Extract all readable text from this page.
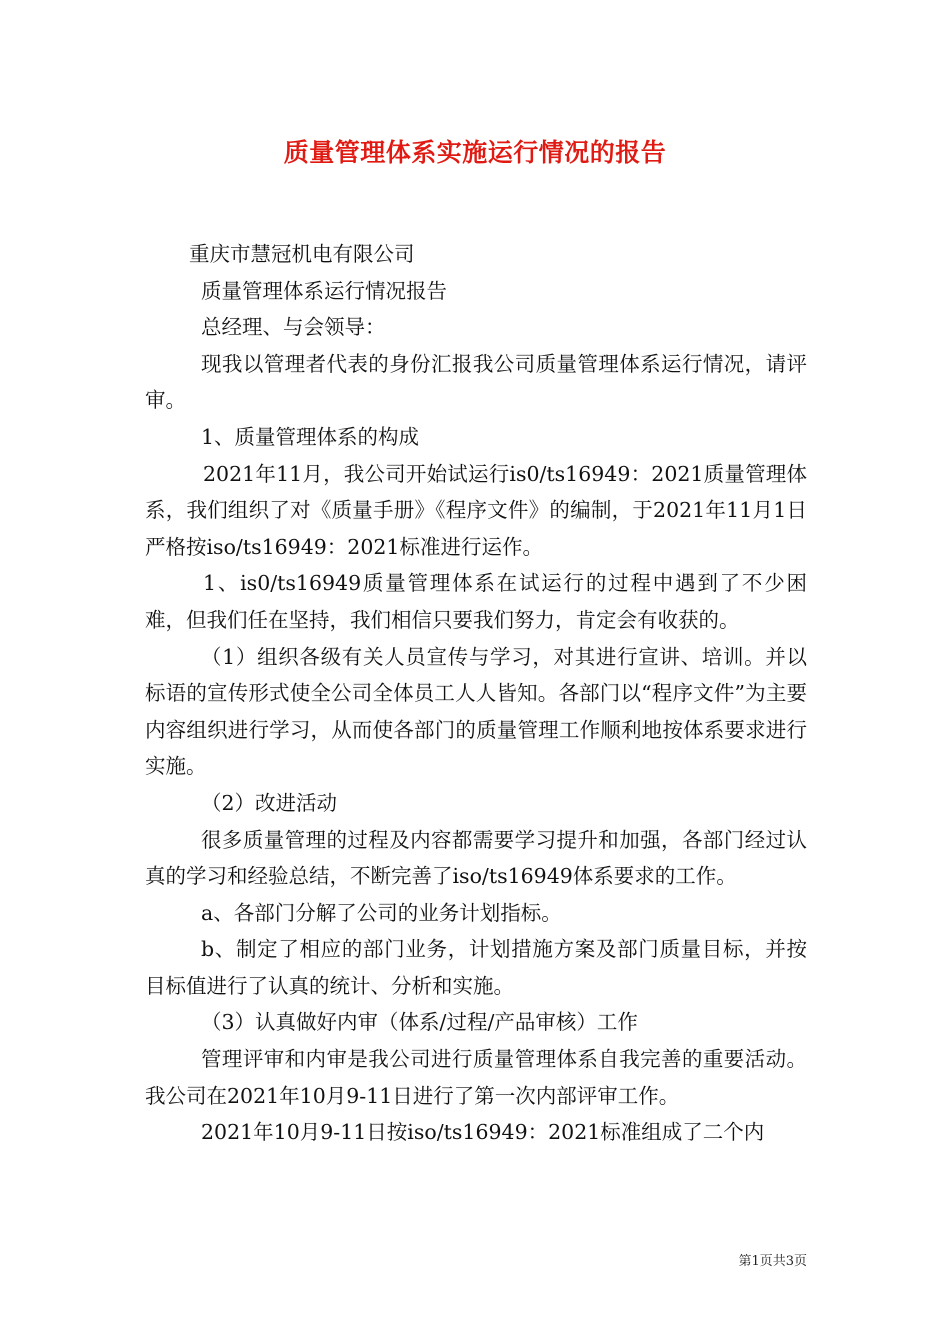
质量管理体系实施运行情况的报告

重庆市慧冠机电有限公司

质量管理体系运行情况报告

总经理、与会领导：

现我以管理者代表的身份汇报我公司质量管理体系运行情况，请评审。

1、质量管理体系的构成

2021年11月，我公司开始试运行is0/ts16949：2021质量管理体系，我们组织了对《质量手册》《程序文件》的编制，于2021年11月1日严格按iso/ts16949：2021标准进行运作。

1、is0/ts16949质量管理体系在试运行的过程中遇到了不少困难，但我们任在坚持，我们相信只要我们努力，肯定会有收获的。

（1）组织各级有关人员宣传与学习，对其进行宣讲、培训。并以标语的宣传形式使全公司全体员工人人皆知。各部门以“程序文件”为主要内容组织进行学习，从而使各部门的质量管理工作顺利地按体系要求进行实施。

（2）改进活动

很多质量管理的过程及内容都需要学习提升和加强，各部门经过认真的学习和经验总结，不断完善了iso/ts16949体系要求的工作。

a、各部门分解了公司的业务计划指标。

b、制定了相应的部门业务，计划措施方案及部门质量目标，并按目标值进行了认真的统计、分析和实施。

（3）认真做好内审（体系/过程/产品审核）工作

管理评审和内审是我公司进行质量管理体系自我完善的重要活动。我公司在2021年10月9-11日进行了第一次内部评审工作。

2021年10月9-11日按iso/ts16949：2021标准组成了二个内

第1页共3页
